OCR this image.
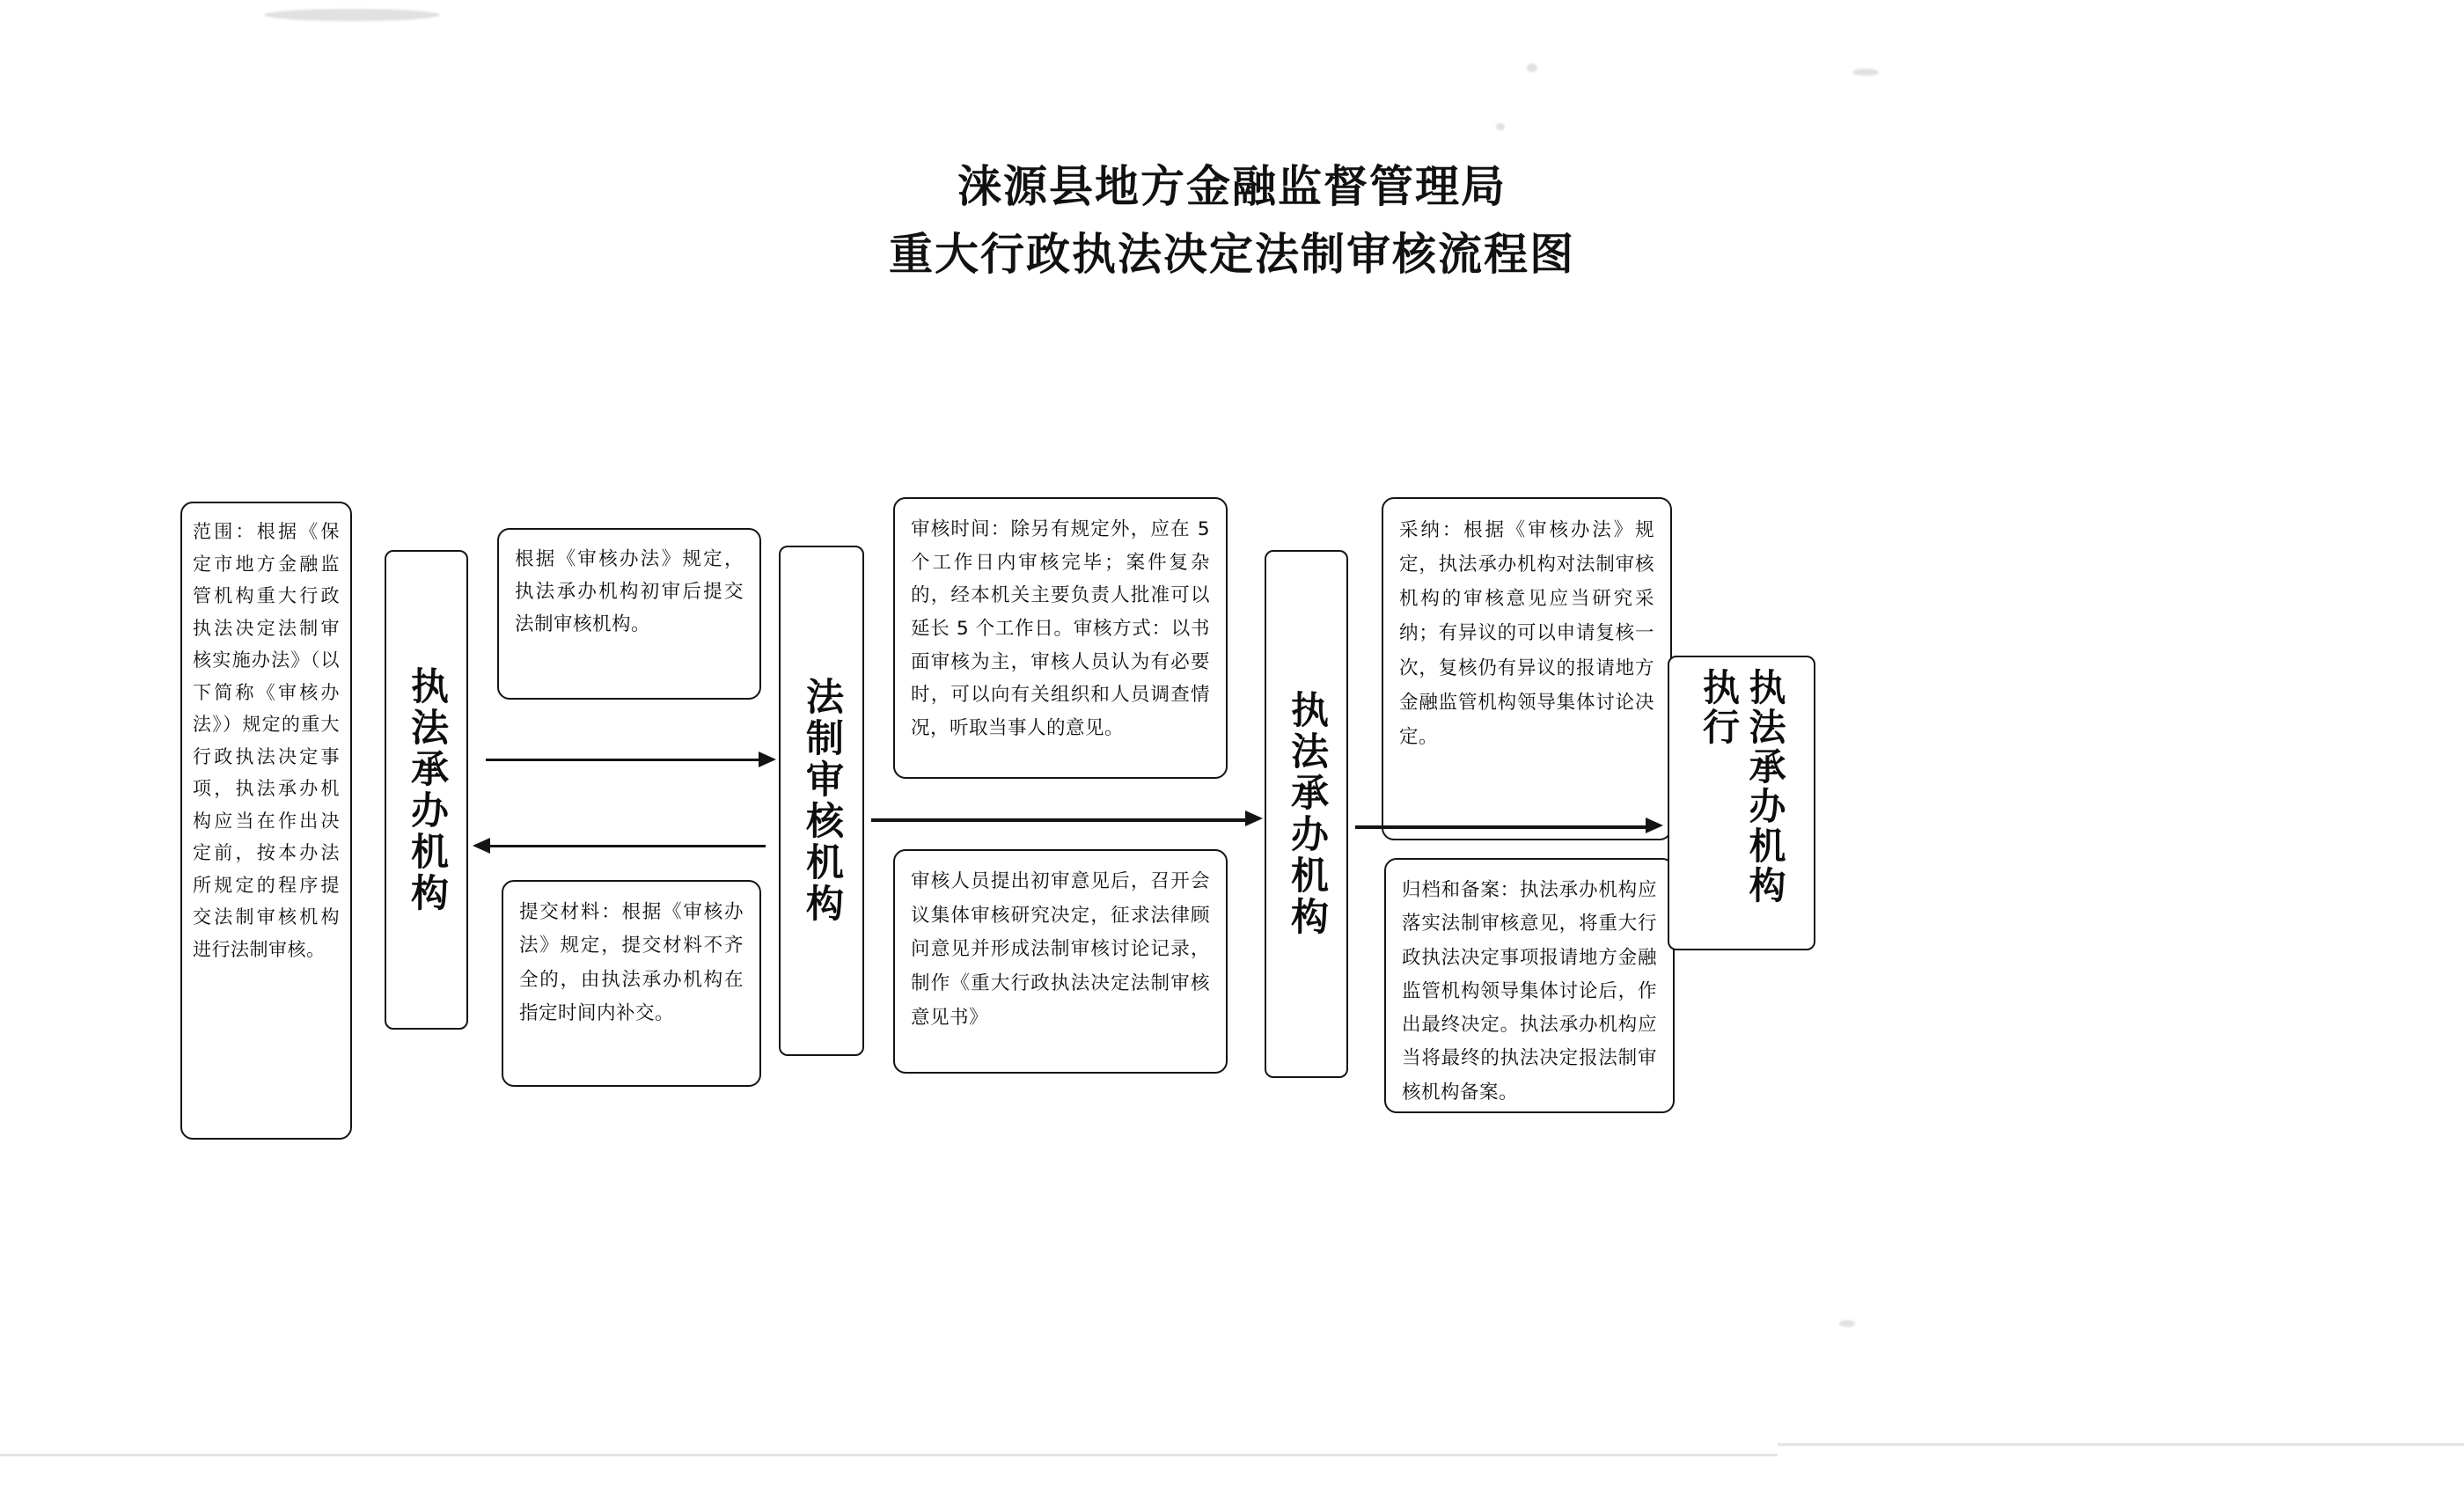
涞源县地方金融监督管理局
重大行政执法决定法制审核流程图
范围：根据《保定市地方金融监管机构重大行政执法决定法制审核实施办法》（以下简称《审核办法》）规定的重大行政执法决定事项，执法承办机构应当在作出决定前，按本办法所规定的程序提交法制审核机构进行法制审核。
执法承办机构
根据《审核办法》规定，执法承办机构初审后提交法制审核机构。
提交材料：根据《审核办法》规定，提交材料不齐全的，由执法承办机构在指定时间内补交。
法制审核机构
审核时间：除另有规定外，应在 5 个工作日内审核完毕；案件复杂的，经本机关主要负责人批准可以延长 5 个工作日。审核方式：以书面审核为主，审核人员认为有必要时，可以向有关组织和人员调查情况，听取当事人的意见。
审核人员提出初审意见后，召开会议集体审核研究决定，征求法律顾问意见并形成法制审核讨论记录，制作《重大行政执法决定法制审核意见书》
执法承办机构
采纳：根据《审核办法》规定，执法承办机构对法制审核机构的审核意见应当研究采纳；有异议的可以申请复核一次，复核仍有异议的报请地方金融监管机构领导集体讨论决定。
归档和备案：执法承办机构应落实法制审核意见，将重大行政执法决定事项报请地方金融监管机构领导集体讨论后，作出最终决定。执法承办机构应当将最终的执法决定报法制审核机构备案。
执法承办机构执行
